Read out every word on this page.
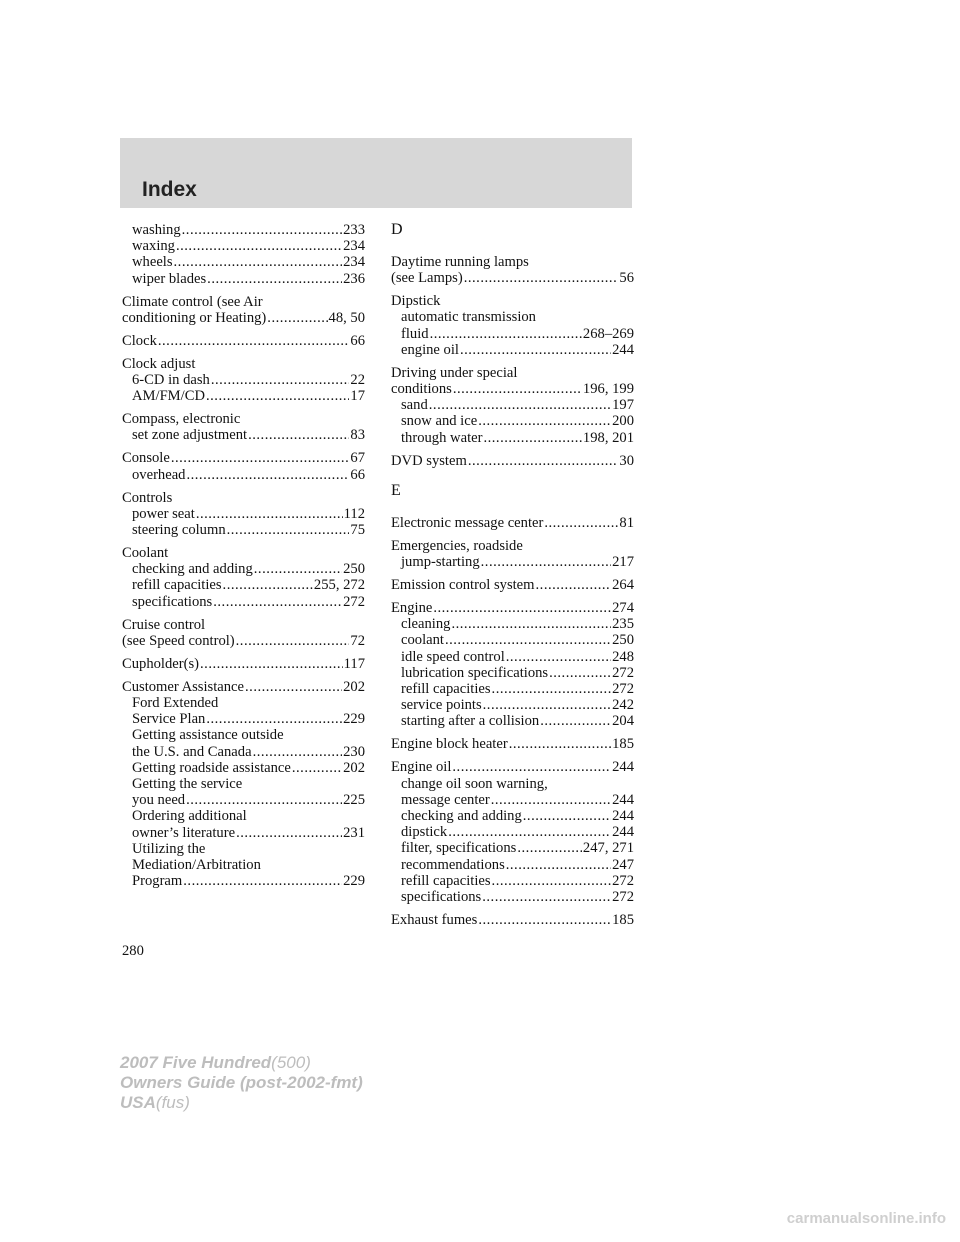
Index
washing .....	233
waxing .....	234
wheels .....	234
wiper blades .....	236
Climate control (see Air
conditioning or Heating) .....	48, 50
Clock .....	66
Clock adjust
6-CD in dash .....	22
AM/FM/CD .....	17
Compass, electronic
set zone adjustment .....	83
Console .....	67
overhead .....	66
Controls
power seat .....	112
steering column .....	75
Coolant
checking and adding .....	250
refill capacities .....	255, 272
specifications .....	272
Cruise control
(see Speed control) .....	72
Cupholder(s) .....	117
Customer Assistance .....	202
Ford Extended
Service Plan .....	229
Getting assistance outside
the U.S. and Canada .....	230
Getting roadside assistance .....	202
Getting the service
you need .....	225
Ordering additional
owner’s literature .....	231
Utilizing the
Mediation/Arbitration
Program .....	229
D
Daytime running lamps
(see Lamps) .....	56
Dipstick
automatic transmission
fluid .....	268–269
engine oil .....	244
Driving under special
conditions .....	196, 199
sand .....	197
snow and ice .....	200
through water .....	198, 201
DVD system .....	30
E
Electronic message center .....	81
Emergencies, roadside
jump-starting .....	217
Emission control system .....	264
Engine .....	274
cleaning .....	235
coolant .....	250
idle speed control .....	248
lubrication specifications .....	272
refill capacities .....	272
service points .....	242
starting after a collision .....	204
Engine block heater .....	185
Engine oil .....	244
change oil soon warning,
message center .....	244
checking and adding .....	244
dipstick .....	244
filter, specifications .....	247, 271
recommendations .....	247
refill capacities .....	272
specifications .....	272
Exhaust fumes .....	185
280
2007 Five Hundred(500)
Owners Guide (post-2002-fmt)
USA(fus)
carmanualsonline.info
